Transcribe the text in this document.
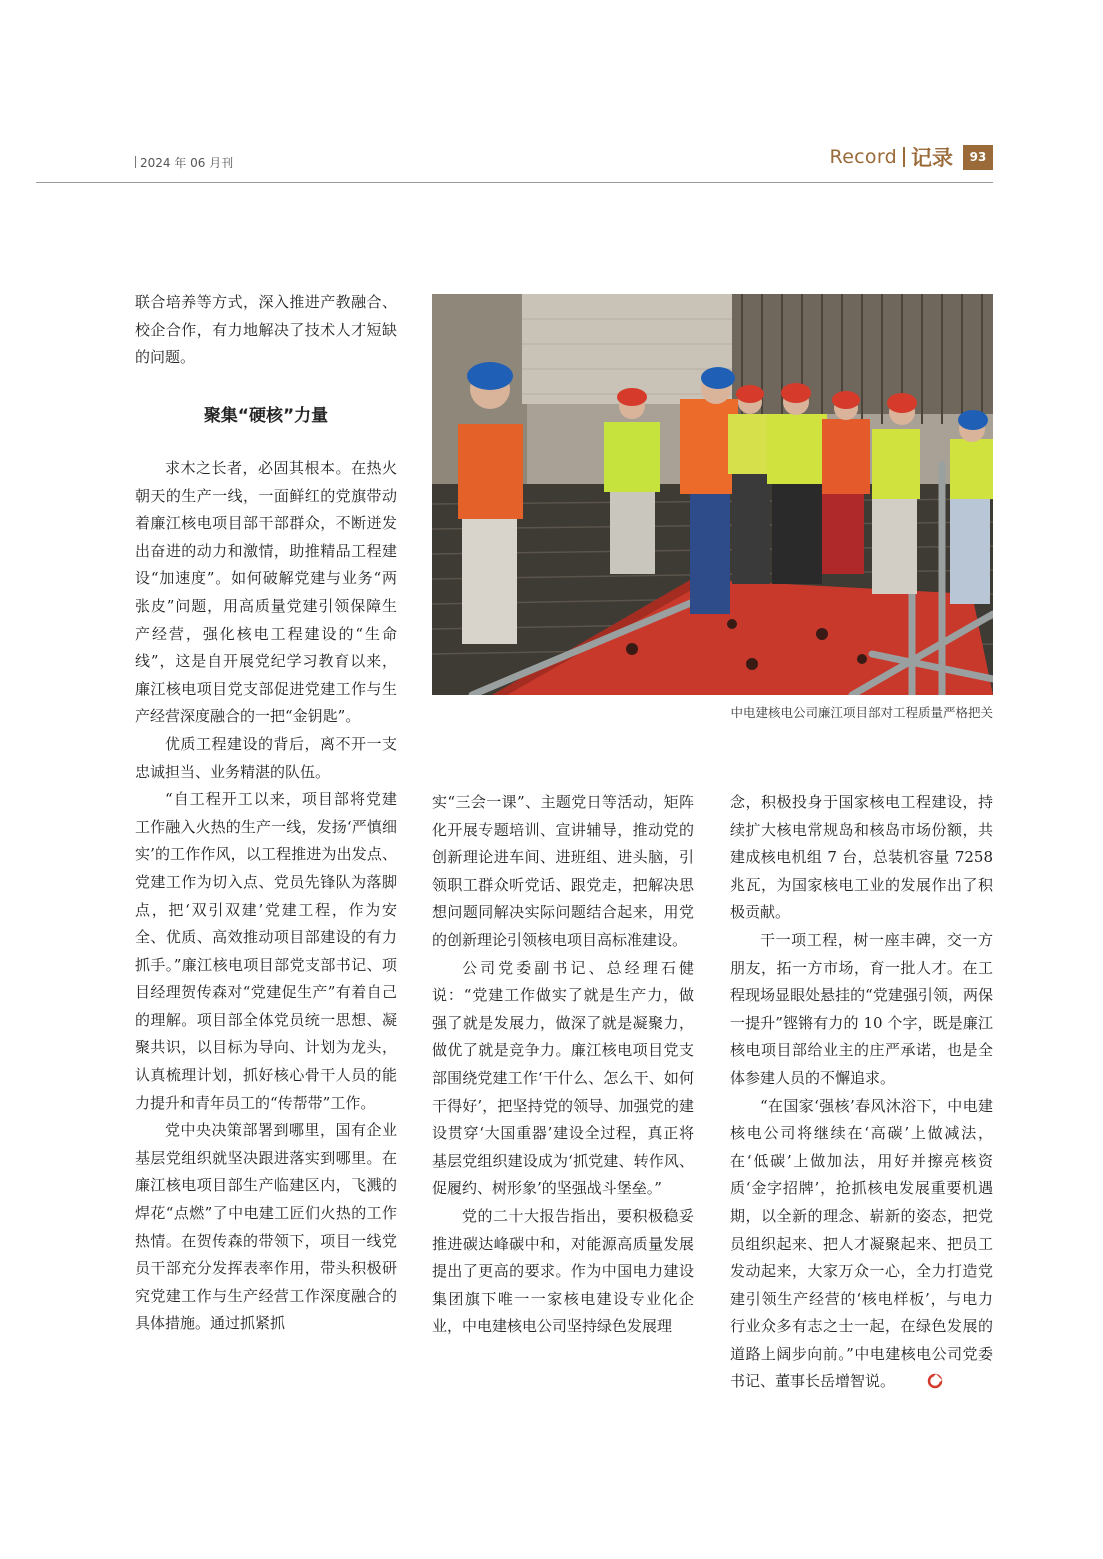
2024 年 06 月刊	Record 记录	93

联合培养等方式，深入推进产教融合、校企合作，有力地解决了技术人才短缺的问题。

聚集“硬核”力量

求木之长者，必固其根本。在热火朝天的生产一线，一面鲜红的党旗带动着廉江核电项目部干部群众，不断迸发出奋进的动力和激情，助推精品工程建设“加速度”。如何破解党建与业务“两张皮”问题，用高质量党建引领保障生产经营，强化核电工程建设的“生命线”，这是自开展党纪学习教育以来，廉江核电项目党支部促进党建工作与生产经营深度融合的一把“金钥匙”。

优质工程建设的背后，离不开一支忠诚担当、业务精湛的队伍。

“自工程开工以来，项目部将党建工作融入火热的生产一线，发扬‘严慎细实’的工作作风，以工程推进为出发点、党建工作为切入点、党员先锋队为落脚点，把‘双引双建’党建工程，作为安全、优质、高效推动项目部建设的有力抓手。”廉江核电项目部党支部书记、项目经理贺传森对“党建促生产”有着自己的理解。项目部全体党员统一思想、凝聚共识，以目标为导向、计划为龙头，认真梳理计划，抓好核心骨干人员的能力提升和青年员工的“传帮带”工作。

党中央决策部署到哪里，国有企业基层党组织就坚决跟进落实到哪里。在廉江核电项目部生产临建区内，飞溅的焊花“点燃”了中电建工匠们火热的工作热情。在贺传森的带领下，项目一线党员干部充分发挥表率作用，带头积极研究党建工作与生产经营工作深度融合的具体措施。通过抓紧抓

中电建核电公司廉江项目部对工程质量严格把关

实“三会一课”、主题党日等活动，矩阵化开展专题培训、宣讲辅导，推动党的创新理论进车间、进班组、进头脑，引领职工群众听党话、跟党走，把解决思想问题同解决实际问题结合起来，用党的创新理论引领核电项目高标准建设。

公司党委副书记、总经理石健说：“党建工作做实了就是生产力，做强了就是发展力，做深了就是凝聚力，做优了就是竞争力。廉江核电项目党支部围绕党建工作‘干什么、怎么干、如何干得好’，把坚持党的领导、加强党的建设贯穿‘大国重器’建设全过程，真正将基层党组织建设成为‘抓党建、转作风、促履约、树形象’的坚强战斗堡垒。”

党的二十大报告指出，要积极稳妥推进碳达峰碳中和，对能源高质量发展提出了更高的要求。作为中国电力建设集团旗下唯一一家核电建设专业化企业，中电建核电公司坚持绿色发展理

念，积极投身于国家核电工程建设，持续扩大核电常规岛和核岛市场份额，共建成核电机组 7 台，总装机容量 7258 兆瓦，为国家核电工业的发展作出了积极贡献。

干一项工程，树一座丰碑，交一方朋友，拓一方市场，育一批人才。在工程现场显眼处悬挂的“党建强引领，两保一提升”铿锵有力的 10 个字，既是廉江核电项目部给业主的庄严承诺，也是全体参建人员的不懈追求。

“在国家‘强核’春风沐浴下，中电建核电公司将继续在‘高碳’上做减法，在‘低碳’上做加法，用好并擦亮核资质‘金字招牌’，抢抓核电发展重要机遇期，以全新的理念、崭新的姿态，把党员组织起来、把人才凝聚起来、把员工发动起来，大家万众一心，全力打造党建引领生产经营的‘核电样板’，与电力行业众多有志之士一起，在绿色发展的道路上阔步向前。”中电建核电公司党委书记、董事长岳增智说。
